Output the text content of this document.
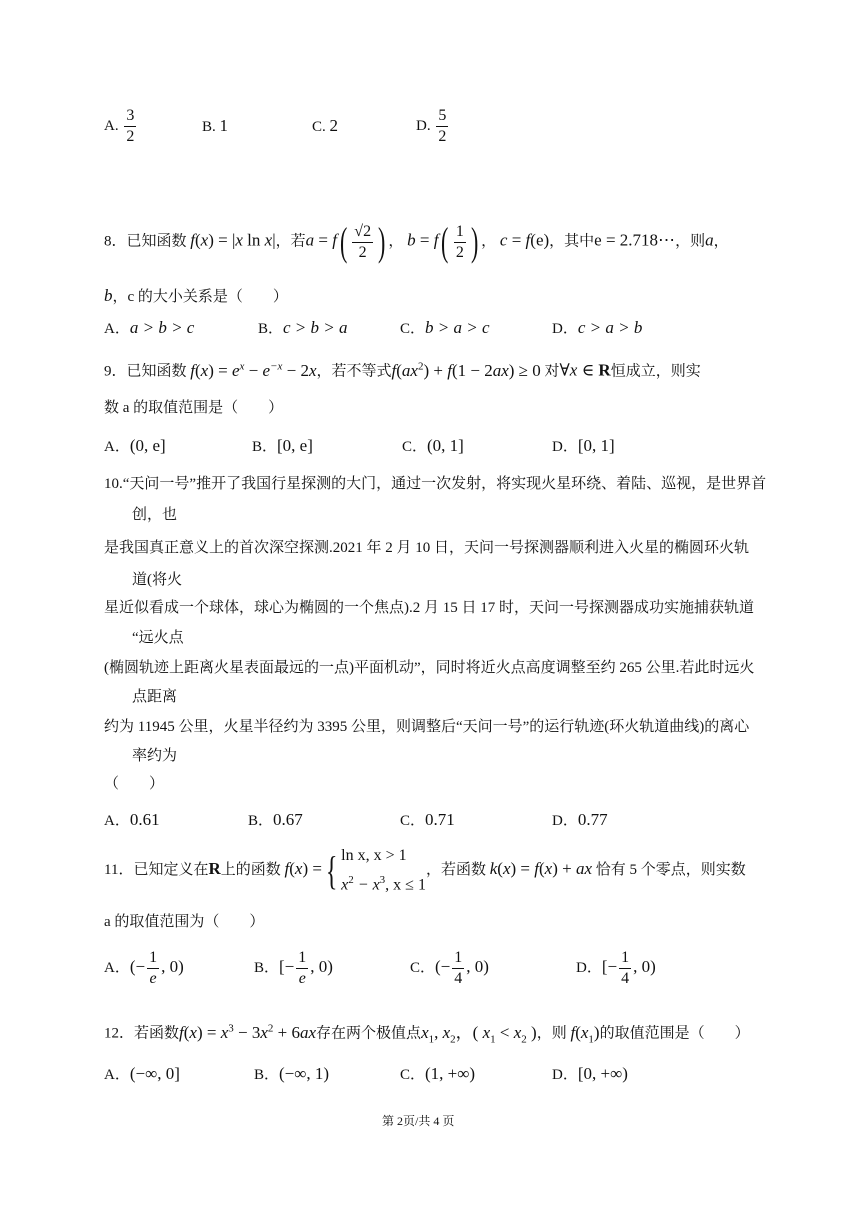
A. $\frac{3}{2}$	B. 1	C. 2	D. $\frac{5}{2}$
8．已知函数 f(x) = |x ln x|，若$a = f( \frac{√2}{2}$ ) ， $b = f( \frac{1}{2}$ ) ， c = f(e)，其中e = 2.718⋯，则a，
b，c 的大小关系是（　　）
A．a > b > c	B．c > b > a	C．b > a > c	D．c > a > b
9．已知函数 $f(x) = e^x - e^{-x} - 2x$，若不等式$f(ax^2) + f(1 - 2ax) \ge 0$ 对∀x ∈ R恒成立，则实
数 a 的取值范围是（　　）
A．(0, e]	B．[0, e]	C．(0, 1]	D．[0, 1]
10.“天问一号”推开了我国行星探测的大门，通过一次发射，将实现火星环绕、着陆、巡视，是世界首
创，也
是我国真正意义上的首次深空探测.2021 年 2 月 10 日，天问一号探测器顺利进入火星的椭圆环火轨
道(将火
星近似看成一个球体，球心为椭圆的一个焦点).2 月 15 日 17 时，天问一号探测器成功实施捕获轨道
“远火点
(椭圆轨迹上距离火星表面最远的一点)平面机动”，同时将近火点高度调整至约 265 公里.若此时远火
点距离
约为 11945 公里，火星半径约为 3395 公里，则调整后“天问一号”的运行轨迹(环火轨道曲线)的离心
率约为
（　　）
A．0.61	B．0.67	C．0.71	D．0.77
11．已知定义在R上的函数 f(x) ={ ln x, x > 1
$x^2 - x^3$, x ≤ 1，若函数 k(x) = f(x) + ax 恰有 5 个零点，则实数
a 的取值范围为（　　）
A．(− $\frac{1}{e}$ , 0)	B．[− $\frac{1}{e}$ , 0)	C．(− $\frac{1}{4}$ , 0)	D．[− $\frac{1}{4}$ , 0)
12．若函数$f(x) = x^3 - 3x^2 + 6ax$存在两个极值点$x_1$, $x_2$，( $x_1 < x_2$ )，则 $f(x_1)$的取值范围是（　　）
A．(−∞, 0]	B．(−∞, 1)	C．(1, +∞)	D．[0, +∞)
第 2页/共 4 页
